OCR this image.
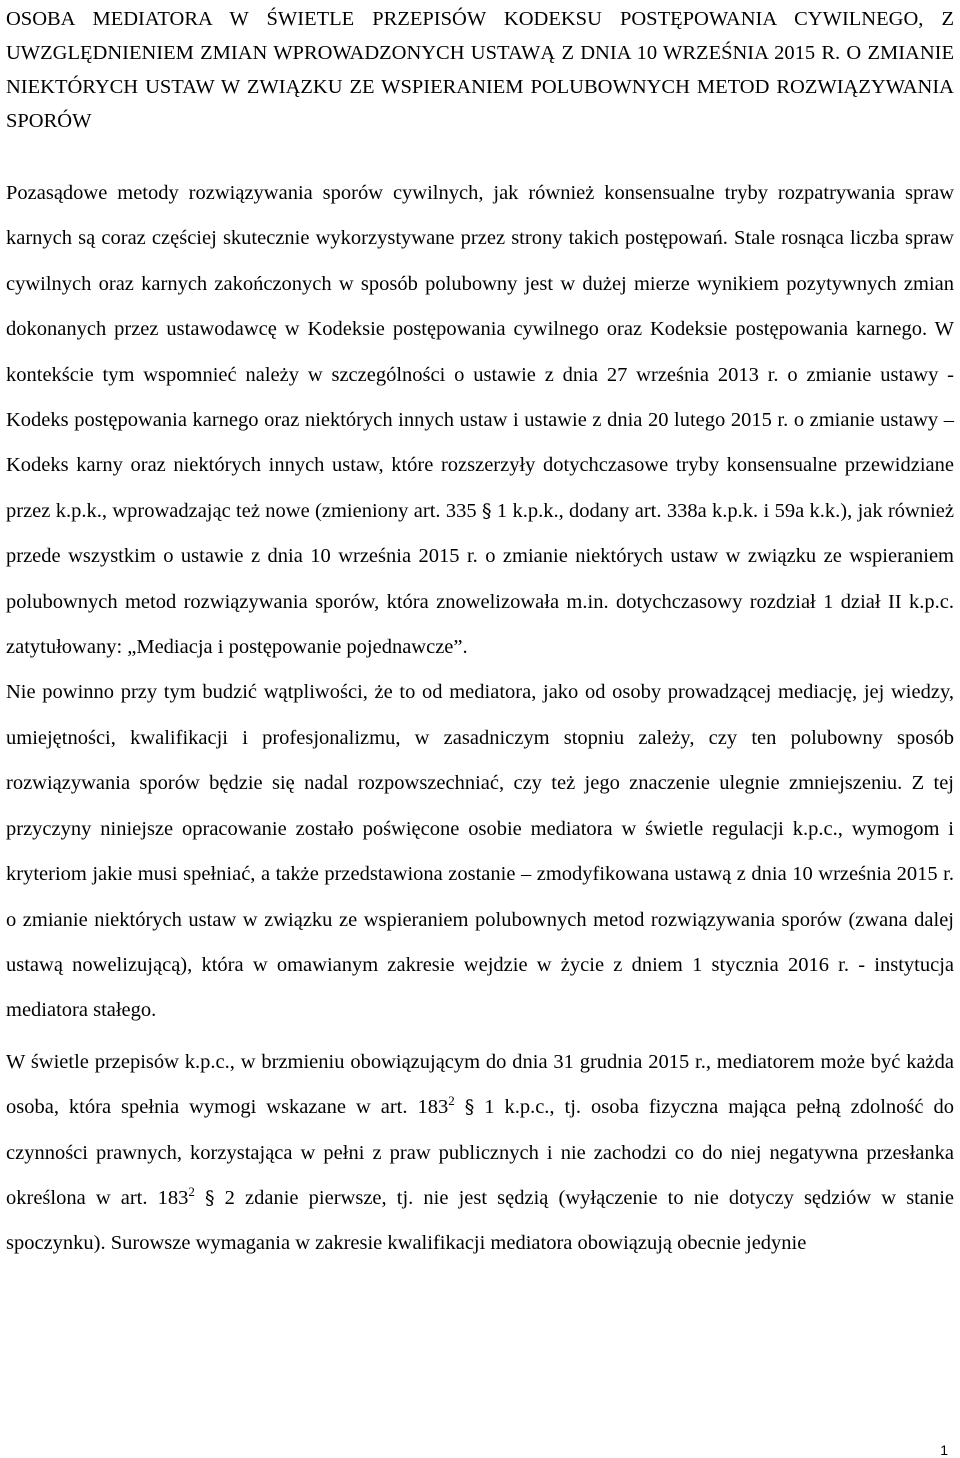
OSOBA MEDIATORA W ŚWIETLE PRZEPISÓW KODEKSU POSTĘPOWANIA CYWILNEGO, Z UWZGLĘDNIENIEM ZMIAN WPROWADZONYCH USTAWĄ Z DNIA 10 WRZEŚNIA 2015 R. O ZMIANIE NIEKTÓRYCH USTAW W ZWIĄZKU ZE WSPIERANIEM POLUBOWNYCH METOD ROZWIĄZYWANIA SPORÓW

Pozasądowe metody rozwiązywania sporów cywilnych, jak również konsensualne tryby rozpatrywania spraw karnych są coraz częściej skutecznie wykorzystywane przez strony takich postępowań. Stale rosnąca liczba spraw cywilnych oraz karnych zakończonych w sposób polubowny jest w dużej mierze wynikiem pozytywnych zmian dokonanych przez ustawodawcę w Kodeksie postępowania cywilnego oraz Kodeksie postępowania karnego. W kontekście tym wspomnieć należy w szczególności o ustawie z dnia 27 września 2013 r. o zmianie ustawy - Kodeks postępowania karnego oraz niektórych innych ustaw i ustawie z dnia 20 lutego 2015 r. o zmianie ustawy – Kodeks karny oraz niektórych innych ustaw, które rozszerzyły dotychczasowe tryby konsensualne przewidziane przez k.p.k., wprowadzając też nowe (zmieniony art. 335 § 1 k.p.k., dodany art. 338a k.p.k. i 59a k.k.), jak również przede wszystkim o ustawie z dnia 10 września 2015 r. o zmianie niektórych ustaw w związku ze wspieraniem polubownych metod rozwiązywania sporów, która znowelizowała m.in. dotychczasowy rozdział 1 dział II k.p.c. zatytułowany: „Mediacja i postępowanie pojednawcze”.

Nie powinno przy tym budzić wątpliwości, że to od mediatora, jako od osoby prowadzącej mediację, jej wiedzy, umiejętności, kwalifikacji i profesjonalizmu, w zasadniczym stopniu zależy, czy ten polubowny sposób rozwiązywania sporów będzie się nadal rozpowszechniać, czy też jego znaczenie ulegnie zmniejszeniu. Z tej przyczyny niniejsze opracowanie zostało poświęcone osobie mediatora w świetle regulacji k.p.c., wymogom i kryteriom jakie musi spełniać, a także przedstawiona zostanie – zmodyfikowana ustawą z dnia 10 września 2015 r. o zmianie niektórych ustaw w związku ze wspieraniem polubownych metod rozwiązywania sporów (zwana dalej ustawą nowelizującą), która w omawianym zakresie wejdzie w życie z dniem 1 stycznia 2016 r. - instytucja mediatora stałego.

W świetle przepisów k.p.c., w brzmieniu obowiązującym do dnia 31 grudnia 2015 r., mediatorem może być każda osoba, która spełnia wymogi wskazane w art. $183^2$ § 1 k.p.c., tj. osoba fizyczna mająca pełną zdolność do czynności prawnych, korzystająca w pełni z praw publicznych i nie zachodzi co do niej negatywna przesłanka określona w art. $183^2$ § 2 zdanie pierwsze, tj. nie jest sędzią (wyłączenie to nie dotyczy sędziów w stanie spoczynku). Surowsze wymagania w zakresie kwalifikacji mediatora obowiązują obecnie jedynie

1
